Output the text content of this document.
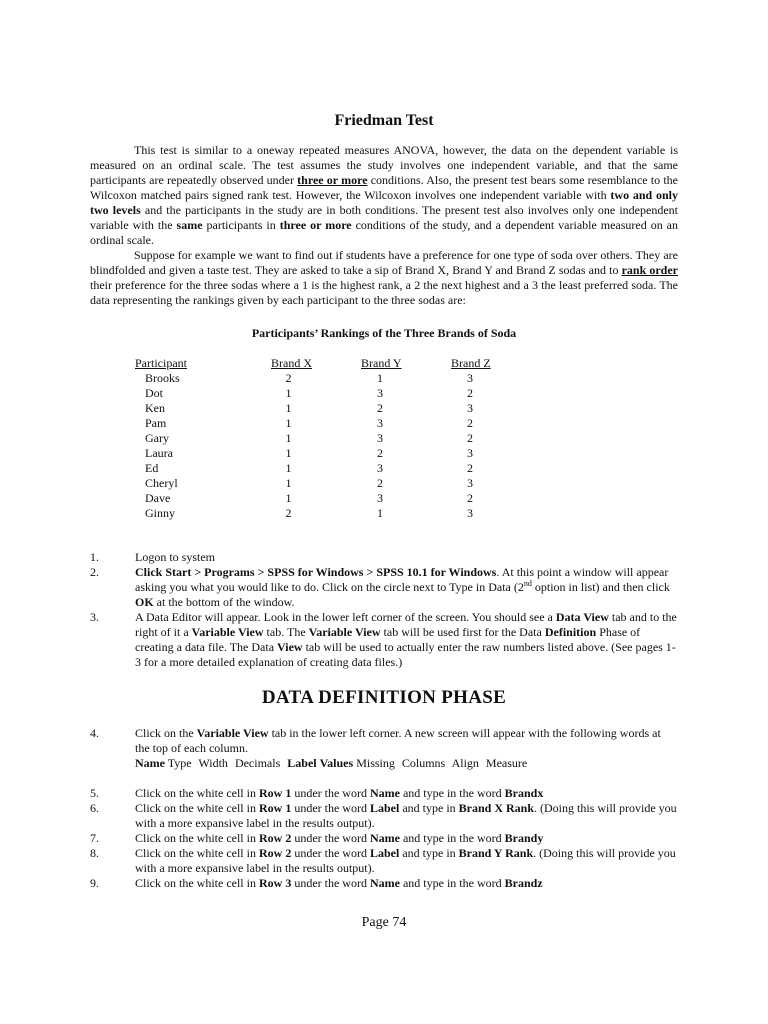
Friedman Test

This test is similar to a oneway repeated measures ANOVA, however, the data on the dependent variable is measured on an ordinal scale. The test assumes the study involves one independent variable, and that the same participants are repeatedly observed under three or more conditions. Also, the present test bears some resemblance to the Wilcoxon matched pairs signed rank test. However, the Wilcoxon involves one independent variable with two and only two levels and the participants in the study are in both conditions. The present test also involves only one independent variable with the same participants in three or more conditions of the study, and a dependent variable measured on an ordinal scale.

Suppose for example we want to find out if students have a preference for one type of soda over others. They are blindfolded and given a taste test. They are asked to take a sip of Brand X, Brand Y and Brand Z sodas and to rank order their preference for the three sodas where a 1 is the highest rank, a 2 the next highest and a 3 the least preferred soda. The data representing the rankings given by each participant to the three sodas are:

Participants’ Rankings of the Three Brands of Soda
Participant	Brand X	Brand Y	Brand Z
Brooks	2	1	3
Dot	1	3	2
Ken	1	2	3
Pam	1	3	2
Gary	1	3	2
Laura	1	2	3
Ed	1	3	2
Cheryl	1	2	3
Dave	1	3	2
Ginny	2	1	3
1.	Logon to system
2.	Click Start > Programs > SPSS for Windows > SPSS 10.1 for Windows. At this point a window will appear asking you what you would like to do. Click on the circle next to Type in Data (2nd option in list) and then click OK at the bottom of the window.
3.	A Data Editor will appear. Look in the lower left corner of the screen. You should see a Data View tab and to the right of it a Variable View tab. The Variable View tab will be used first for the Data Definition Phase of creating a data file. The Data View tab will be used to actually enter the raw numbers listed above. (See pages 1-3 for a more detailed explanation of creating data files.)
DATA DEFINITION PHASE
4.	Click on the Variable View tab in the lower left corner. A new screen will appear with the following words at the top of each column.
Name Type Width Decimals Label Values Missing Columns Align Measure
5.	Click on the white cell in Row 1 under the word Name and type in the word Brandx
6.	Click on the white cell in Row 1 under the word Label and type in Brand X Rank. (Doing this will provide you with a more expansive label in the results output).
7.	Click on the white cell in Row 2 under the word Name and type in the word Brandy
8.	Click on the white cell in Row 2 under the word Label and type in Brand Y Rank. (Doing this will provide you with a more expansive label in the results output).
9.	Click on the white cell in Row 3 under the word Name and type in the word Brandz
Page 74
